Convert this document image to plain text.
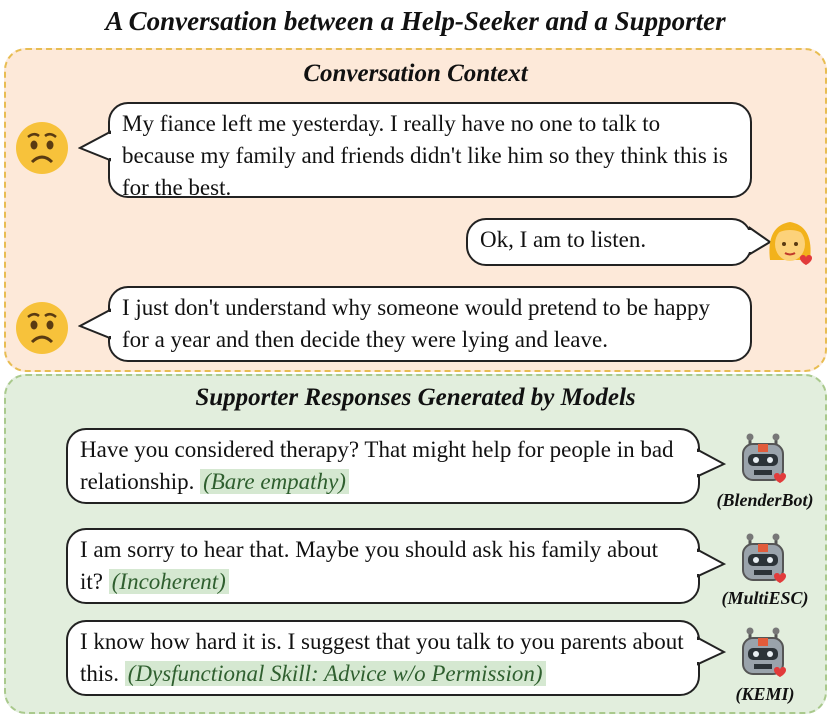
A Conversation between a Help-Seeker and a Supporter
Conversation Context
My fiance left me yesterday. I really have no one to talk to because my family and friends didn't like him so they think this is for the best.
Ok, I am to listen.
I just don't understand why someone would pretend to be happy for a year and then decide they were lying and leave.
Supporter Responses Generated by Models
Have you considered therapy? That might help for people in bad relationship. (Bare empathy)
(BlenderBot)
I am sorry to hear that. Maybe you should ask his family about it? (Incoherent)
(MultiESC)
I know how hard it is. I suggest that you talk to you parents about this. (Dysfunctional Skill: Advice w/o Permission)
(KEMI)
